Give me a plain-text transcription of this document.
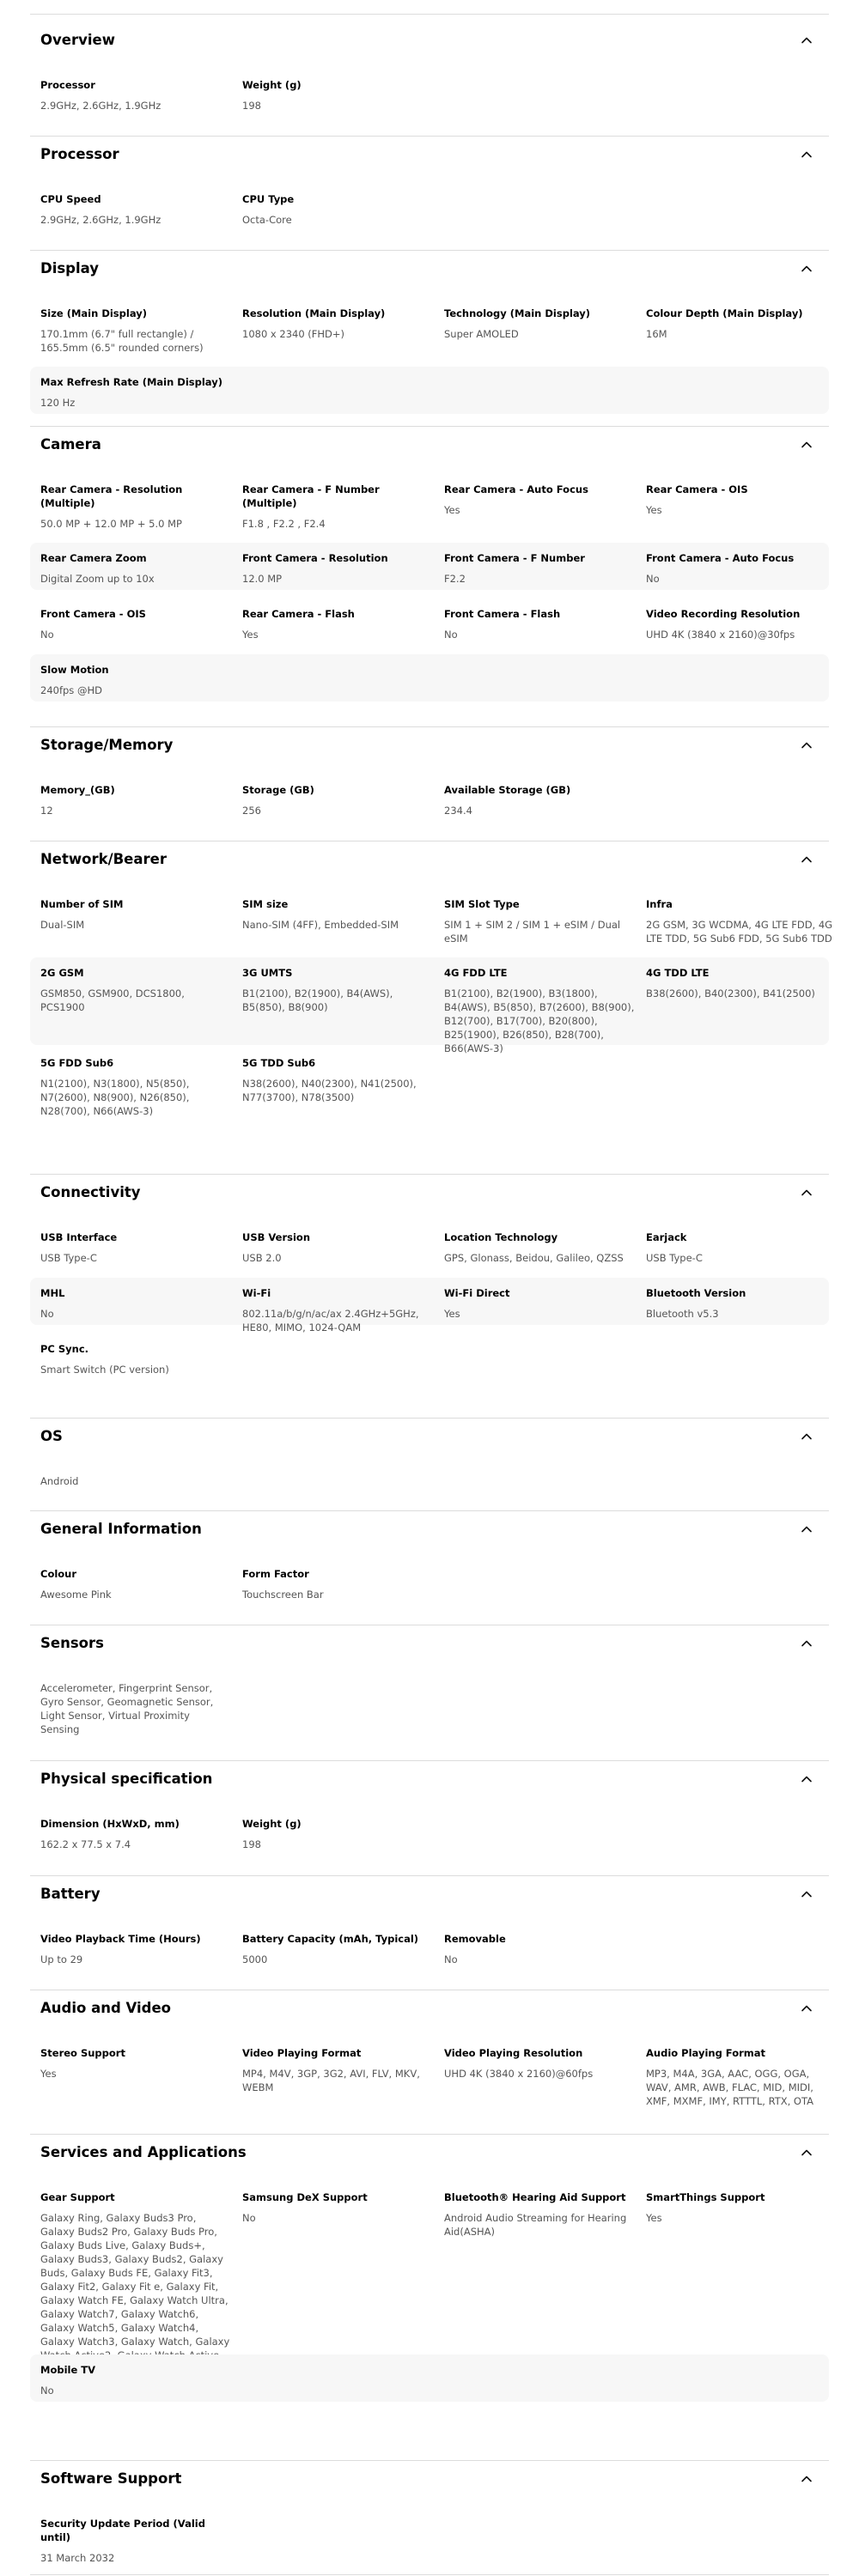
Overview
Processor
2.9GHz, 2.6GHz, 1.9GHz
Weight (g)
198
Processor
CPU Speed
2.9GHz, 2.6GHz, 1.9GHz
CPU Type
Octa-Core
Display
Size (Main Display)
170.1mm (6.7" full rectangle) / 165.5mm (6.5" rounded corners)
Resolution (Main Display)
1080 x 2340 (FHD+)
Technology (Main Display)
Super AMOLED
Colour Depth (Main Display)
16M
Max Refresh Rate (Main Display)
120 Hz
Camera
Rear Camera - Resolution (Multiple)
50.0 MP + 12.0 MP + 5.0 MP
Rear Camera - F Number (Multiple)
F1.8 , F2.2 , F2.4
Rear Camera - Auto Focus
Yes
Rear Camera - OIS
Yes
Rear Camera Zoom
Digital Zoom up to 10x
Front Camera - Resolution
12.0 MP
Front Camera - F Number
F2.2
Front Camera - Auto Focus
No
Front Camera - OIS
No
Rear Camera - Flash
Yes
Front Camera - Flash
No
Video Recording Resolution
UHD 4K (3840 x 2160)@30fps
Slow Motion
240fps @HD
Storage/Memory
Memory_(GB)
12
Storage (GB)
256
Available Storage (GB)
234.4
Network/Bearer
Number of SIM
Dual-SIM
SIM size
Nano-SIM (4FF), Embedded-SIM
SIM Slot Type
SIM 1 + SIM 2 / SIM 1 + eSIM / Dual eSIM
Infra
2G GSM, 3G WCDMA, 4G LTE FDD, 4G LTE TDD, 5G Sub6 FDD, 5G Sub6 TDD
2G GSM
GSM850, GSM900, DCS1800, PCS1900
3G UMTS
B1(2100), B2(1900), B4(AWS), B5(850), B8(900)
4G FDD LTE
B1(2100), B2(1900), B3(1800), B4(AWS), B5(850), B7(2600), B8(900), B12(700), B17(700), B20(800), B25(1900), B26(850), B28(700), B66(AWS-3)
4G TDD LTE
B38(2600), B40(2300), B41(2500)
5G FDD Sub6
N1(2100), N3(1800), N5(850), N7(2600), N8(900), N26(850), N28(700), N66(AWS-3)
5G TDD Sub6
N38(2600), N40(2300), N41(2500), N77(3700), N78(3500)
Connectivity
USB Interface
USB Type-C
USB Version
USB 2.0
Location Technology
GPS, Glonass, Beidou, Galileo, QZSS
Earjack
USB Type-C
MHL
No
Wi-Fi
802.11a/b/g/n/ac/ax 2.4GHz+5GHz, HE80, MIMO, 1024-QAM
Wi-Fi Direct
Yes
Bluetooth Version
Bluetooth v5.3
PC Sync.
Smart Switch (PC version)
OS
Android
General Information
Colour
Awesome Pink
Form Factor
Touchscreen Bar
Sensors
Accelerometer, Fingerprint Sensor, Gyro Sensor, Geomagnetic Sensor, Light Sensor, Virtual Proximity Sensing
Physical specification
Dimension (HxWxD, mm)
162.2 x 77.5 x 7.4
Weight (g)
198
Battery
Video Playback Time (Hours)
Up to 29
Battery Capacity (mAh, Typical)
5000
Removable
No
Audio and Video
Stereo Support
Yes
Video Playing Format
MP4, M4V, 3GP, 3G2, AVI, FLV, MKV, WEBM
Video Playing Resolution
UHD 4K (3840 x 2160)@60fps
Audio Playing Format
MP3, M4A, 3GA, AAC, OGG, OGA, WAV, AMR, AWB, FLAC, MID, MIDI, XMF, MXMF, IMY, RTTTL, RTX, OTA
Services and Applications
Gear Support
Galaxy Ring, Galaxy Buds3 Pro, Galaxy Buds2 Pro, Galaxy Buds Pro, Galaxy Buds Live, Galaxy Buds+, Galaxy Buds3, Galaxy Buds2, Galaxy Buds, Galaxy Buds FE, Galaxy Fit3, Galaxy Fit2, Galaxy Fit e, Galaxy Fit, Galaxy Watch FE, Galaxy Watch Ultra, Galaxy Watch7, Galaxy Watch6, Galaxy Watch5, Galaxy Watch4, Galaxy Watch3, Galaxy Watch, Galaxy
Samsung DeX Support
No
Bluetooth® Hearing Aid Support
Android Audio Streaming for Hearing Aid(ASHA)
SmartThings Support
Yes
Mobile TV
No
Software Support
Security Update Period (Valid until)
31 March 2032
